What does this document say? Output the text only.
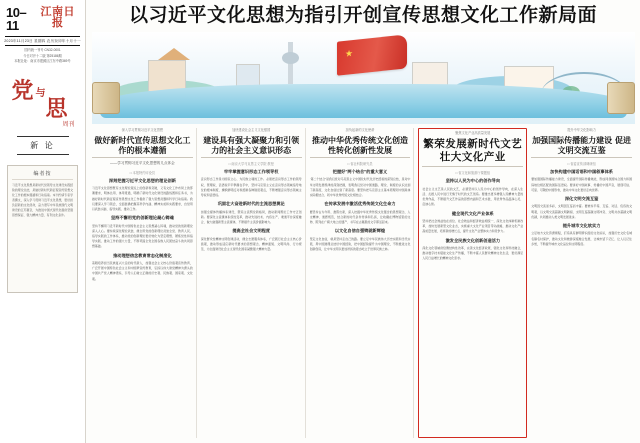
10–11
江南日报
2023年11月23日 星期四 农历癸卯年十月十一
国内统一刊号 CN32-0001
今日对开十二版 第25186期
本报社址：南京市建邺区江东中路369号
党 与
思
周刊
新 论
编者按
习近平文化思想是新时代党领导文化建设实践经验的理论总结，是做好新时代新征程宣传思想文化工作的根本遵循和行动指南。本刊约请专家学者撰文，深入学习贯彻习近平文化思想，更好担负起新的文化使命，奋力谱写中华民族现代文明建设的江苏篇章，为推进中国式现代化提供坚强思想保证、强大精神力量、有利文化条件。
以习近平文化思想为指引开创宣传思想文化工作新局面
★
深入学习贯彻习近平文化思想
做好新时代宣传思想文化工作的根本遵循
——学习贯彻习近平文化思想的几点体会
□ 本报特约评论员
深刻把握习近平文化思想的理论创新
习近平文化思想既有文化理论观点上的创新和突破，又有文化工作布局上的部署要求，明体达用、体用贯通，明确了新时代文化建设的路线图和任务书，为做好新时代新征程宣传思想文化工作提供了强大思想武器和科学行动指南。我们要深入学习领会，全面准确把握其科学内涵、精神实质和实践要求，自觉用以武装头脑、指导实践、推动工作。
坚持不懈用党的创新理论凝心铸魂
坚持不懈用习近平新时代中国特色社会主义思想凝心铸魂，推动党的创新理论深入人心。要持续深化理论武装，健全用党的创新理论武装全党、教育人民、指导实践的工作体系，推动党的创新理论更好转化为坚定理想、锤炼党性和指导实践、推动工作的强大力量，不断巩固全党全国各族人民团结奋斗的共同思想基础。
推动理想信念教育常态化制度化
着眼培养担当民族复兴大任的时代新人，加强社会主义核心价值观宣传教育，广泛开展中国特色社会主义和中国梦宣传教育，弘扬以伟大建党精神为源头的中国共产党人精神谱系，引导人们树立正确的历史观、民族观、国家观、文化观。
加快建设社会主义文化强国
建设具有强大凝聚力和引领力的社会主义意识形态
□ 南京大学马克思主义学院 教授
牢牢掌握意识形态工作领导权
意识形态工作是为国家立心、为民族立魂的工作。必须把意识形态工作的领导权、管理权、话语权牢牢掌握在手中，坚持马克思主义在意识形态领域指导地位的根本制度，旗帜鲜明反对和抵制各种错误观点，不断增强意识形态领域主导权和话语权。
巩固壮大奋进新时代的主流思想舆论
加强全媒体传播体系建设，塑造主流舆论新格局，推动新闻舆论工作守正创新。要深化主流媒体系统性变革，推动先进技术、内容生产、渠道平台深度融合，做大做强新型主流媒体，不断提升主流价值影响力。
提高全社会文明程度
深化群众性精神文明创建活动，健全志愿服务体系，广泛践行社会主义核心价值观，推动形成适应新时代要求的思想观念、精神面貌、文明风尚、行为规范，为全面建设社会主义现代化国家凝聚强大精神力量。
担负起新的文化使命
推动中华优秀传统文化创造性转化创新性发展
□ 省社科院研究员
把握好“两个结合”的重大意义
“第二个结合”是我们党对马克思主义中国化时代化历史经验的深刻总结，是对中华文明发展规律的深刻把握，表明我们党对中国道路、理论、制度的认识达到了新高度，文化自信达到了新高度。要坚持把马克思主义基本原理同中国具体实际相结合、同中华优秀传统文化相结合。
在传承发展中激活优秀传统文化生命力
要坚持古为今用、推陈出新，深入挖掘中华优秀传统文化蕴含的思想观念、人文精神、道德规范，结合新的时代条件传承和弘扬，让收藏在博物馆里的文物、陈列在广阔大地上的遗产、书写在古籍里的文字都活起来。
以文化自信自强铸就新辉煌
坚定文化自信，就是坚持走自己的路。要立足中华民族伟大历史实践和当代实践，用中国道理总结好中国经验，把中国经验提升为中国理论，不断推进文化创新创造，让中华文明以更加昂扬的姿态屹立于世界民族之林。
聚焦文化产业高质量发展
繁荣发展新时代文艺 壮大文化产业
□ 省文化和旅游厅课题组
坚持以人民为中心的创作导向
社会主义文艺是人民的文艺，必须坚持以人民为中心的创作导向，在深入生活、扎根人民中进行无愧于时代的文艺创造。要推出更多增强人民精神力量的优秀作品，不断提升文艺作品的思想内涵和艺术水准，用优秀作品温润心灵、启迪心智。
健全现代文化产业体系
坚持把社会效益放在首位、社会效益和经济效益相统一，深化文化体制机制改革，加快发展新型文化业态，实施重大文化产业项目带动战略，推动文化产业高质量发展，培育新的增长点，提升文化产业整体实力和竞争力。
激发全民族文化创新创造活力
深化文化领域供给侧结构性改革，完善文化经济政策，强化文化和科技融合，推动数字技术赋能文化生产传播，不断丰富人民群众精神文化生活，更好满足人民日益增长的精神文化需求。
提升中华文化影响力
加强国际传播能力建设 促进文明交流互鉴
□ 省委宣传部调研组
加快构建中国话语和中国叙事体系
要加强国际传播能力建设，全面提升国际传播效能，形成同我国综合国力和国际地位相匹配的国际话语权。要讲好中国故事、传播好中国声音，展现可信、可爱、可敬的中国形象，推动中华文化更好走向世界。
深化文明交流互鉴
文明因交流而多彩，文明因互鉴而丰富。要秉持平等、互鉴、对话、包容的文明观，以文明交流超越文明隔阂、文明互鉴超越文明冲突、文明共存超越文明优越，共同推动人类文明发展进步。
提升城市文化软实力
立足地方文化资源禀赋，打造具有鲜明辨识度的文化标识，加强历史文化名城名镇名村保护，推动文化和旅游深度融合发展，让城市留下记忆、让人们记住乡愁，不断提升城市文化品位和文明程度。
